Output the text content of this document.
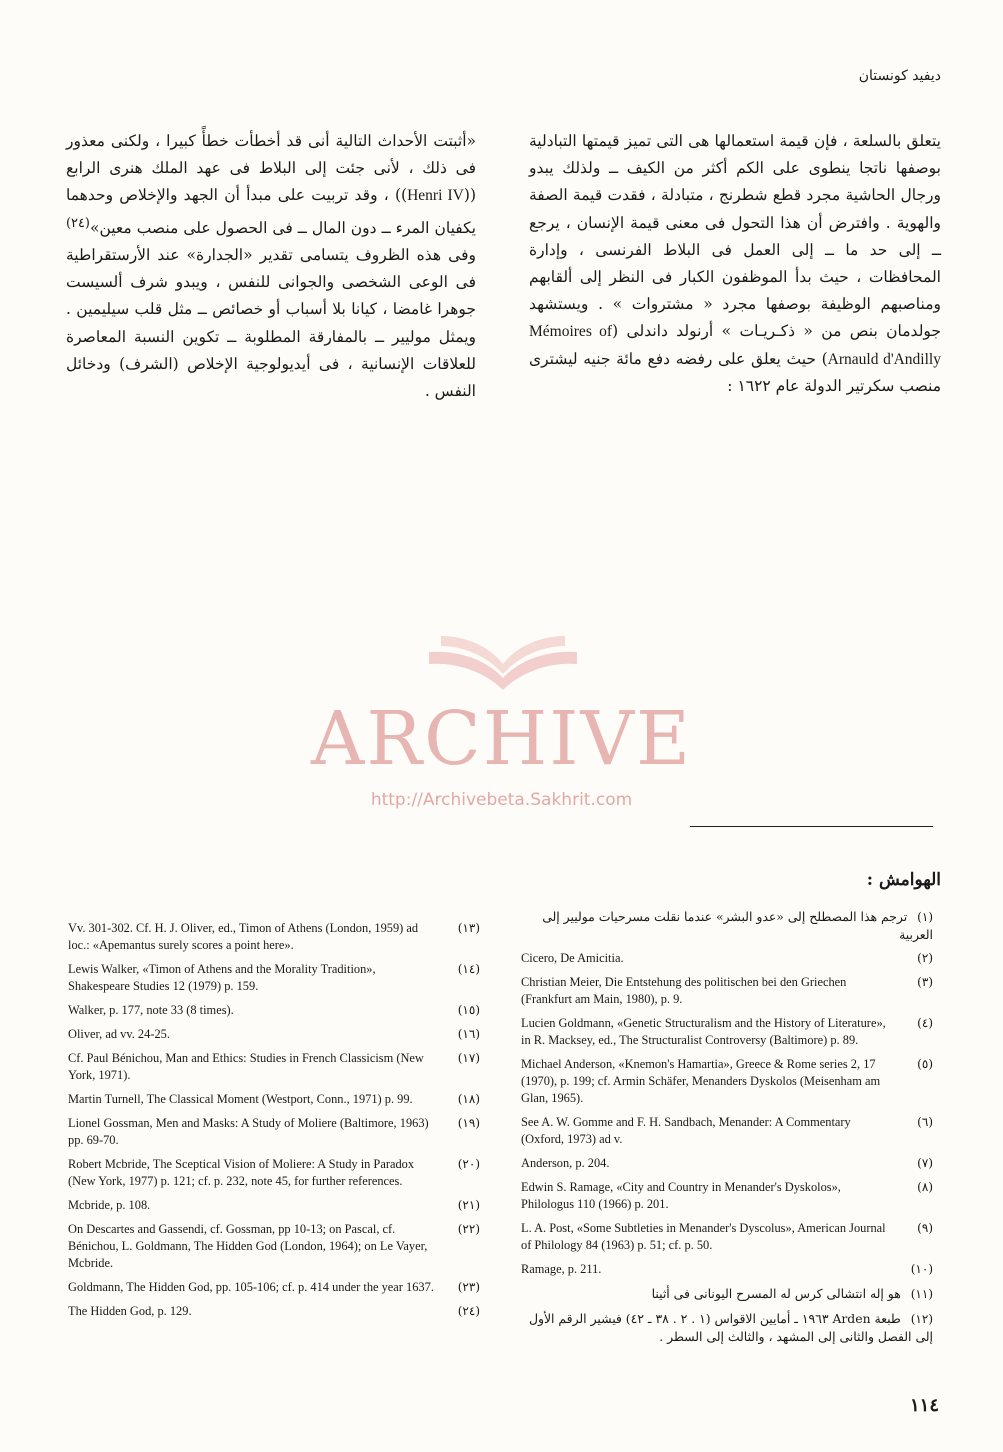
ديفيد كونستان

يتعلق بالسلعة ، فإن قيمة استعمالها هى التى تميز قيمتها التبادلية بوصفها ناتجا ينطوى على الكم أكثر من الكيف ــ ولذلك يبدو ورجال الحاشية مجرد قطع شطرنج ، متبادلة ، فقدت قيمة الصفة والهوية . وافترض أن هذا التحول فى معنى قيمة الإنسان ، يرجع ــ إلى حد ما ــ إلى العمل فى البلاط الفرنسى ، وإدارة المحافظات ، حيث بدأ الموظفون الكبار فى النظر إلى ألقابهم ومناصبهم الوظيفة بوصفها مجرد « مشتروات » . ويستشهد جولدمان بنص من « ذكـريـات » أرنولد داندلى (Mémoires of Arnauld d'Andilly) حيث يعلق على رفضه دفع مائة جنيه ليشترى منصب سكرتير الدولة عام ١٦٢٢ :

«أثبتت الأحداث التالية أنى قد أخطأت خطأً كبيرا ، ولكنى معذور فى ذلك ، لأنى جئت إلى البلاط فى عهد الملك هنرى الرابع ((Henri IV)) ، وقد تربيت على مبدأ أن الجهد والإخلاص وحدهما يكفيان المرء ــ دون المال ــ فى الحصول على منصب معين»$^{(٢٤)}$ وفى هذه الظروف يتسامى تقدير «الجدارة» عند الأرستقراطية فى الوعى الشخصى والجوانى للنفس ، ويبدو شرف ألسيست جوهرا غامضا ، كيانا بلا أسباب أو خصائص ــ مثل قلب سيليمين . ويمثل موليير ــ بالمفارقة المطلوبة ــ تكوين النسبة المعاصرة للعلاقات الإنسانية ، فى أيديولوجية الإخلاص (الشرف) ودخائل النفس .

ARCHIVE
http://Archivebeta.Sakhrit.com
الهوامش :
(١)ترجم هذا المصطلح إلى «عدو البشر» عندما نقلت مسرحيات موليير إلى العربية
(٢)
Cicero, De Amicitia.
(٣)
Christian Meier, Die Entstehung des politischen bei den Griechen (Frankfurt am Main, 1980), p. 9.
(٤)
Lucien Goldmann, «Genetic Structuralism and the History of Literature», in R. Macksey, ed., The Structuralist Controversy (Baltimore) p. 89.
(٥)
Michael Anderson, «Knemon's Hamartia», Greece & Rome series 2, 17 (1970), p. 199; cf. Armin Schäfer, Menanders Dyskolos (Meisenham am Glan, 1965).
(٦)
See A. W. Gomme and F. H. Sandbach, Menander: A Commentary (Oxford, 1973) ad v.
(٧)
Anderson, p. 204.
(٨)
Edwin S. Ramage, «City and Country in Menander's Dyskolos», Philologus 110 (1966) p. 201.
(٩)
L. A. Post, «Some Subtleties in Menander's Dyscolus», American Journal of Philology 84 (1963) p. 51; cf. p. 50.
(١٠)
Ramage, p. 211.
(١١)هو إله انتشالى كرس له المسرح اليونانى فى أثينا
(١٢)طبعة Arden ١٩٦٣ ـ أمايين الاقواس (١ . ٢ . ٣٨ ـ ٤٢) فيشير الرقم الأول إلى الفصل والثانى إلى المشهد ، والثالث إلى السطر .
(١٣)
Vv. 301-302. Cf. H. J. Oliver, ed., Timon of Athens (London, 1959) ad loc.: «Apemantus surely scores a point here».
(١٤)
Lewis Walker, «Timon of Athens and the Morality Tradition», Shakespeare Studies 12 (1979) p. 159.
(١٥)
Walker, p. 177, note 33 (8 times).
(١٦)
Oliver, ad vv. 24-25.
(١٧)
Cf. Paul Bénichou, Man and Ethics: Studies in French Classicism (New York, 1971).
(١٨)
Martin Turnell, The Classical Moment (Westport, Conn., 1971) p. 99.
(١٩)
Lionel Gossman, Men and Masks: A Study of Moliere (Baltimore, 1963) pp. 69-70.
(٢٠)
Robert Mcbride, The Sceptical Vision of Moliere: A Study in Paradox (New York, 1977) p. 121; cf. p. 232, note 45, for further references.
(٢١)
Mcbride, p. 108.
(٢٢)
On Descartes and Gassendi, cf. Gossman, pp 10-13; on Pascal, cf. Bénichou, L. Goldmann, The Hidden God (London, 1964); on Le Vayer, Mcbride.
(٢٣)
Goldmann, The Hidden God, pp. 105-106; cf. p. 414 under the year 1637.
(٢٤)
The Hidden God, p. 129.
١١٤
